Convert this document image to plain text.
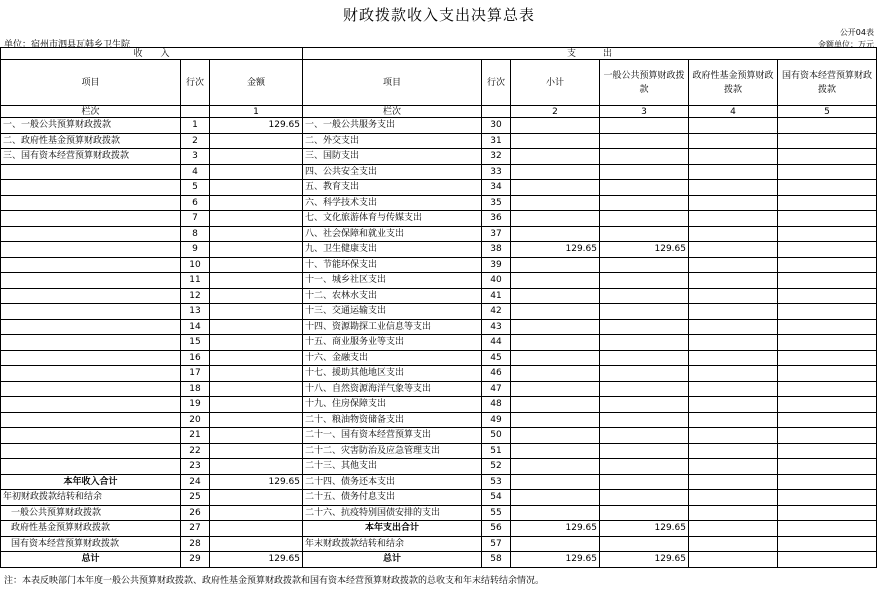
财政拨款收入支出决算总表
公开04表
单位：宿州市泗县瓦韩乡卫生院	金额单位：万元
收　　入			支　　　出					
项目	行次	金额	项目	行次	小计	一般公共预算财政拨款	政府性基金预算财政拨款	国有资本经营预算财政拨款
栏次		1	栏次		2	3	4	5
一、一般公共预算财政拨款	1	129.65	一、一般公共服务支出	30				
二、政府性基金预算财政拨款	2		二、外交支出	31				
三、国有资本经营预算财政拨款	3		三、国防支出	32				
	4		四、公共安全支出	33				
	5		五、教育支出	34				
	6		六、科学技术支出	35				
	7		七、文化旅游体育与传媒支出	36				
	8		八、社会保障和就业支出	37				
	9		九、卫生健康支出	38	129.65	129.65		
	10		十、节能环保支出	39				
	11		十一、城乡社区支出	40				
	12		十二、农林水支出	41				
	13		十三、交通运输支出	42				
	14		十四、资源勘探工业信息等支出	43				
	15		十五、商业服务业等支出	44				
	16		十六、金融支出	45				
	17		十七、援助其他地区支出	46				
	18		十八、自然资源海洋气象等支出	47				
	19		十九、住房保障支出	48				
	20		二十、粮油物资储备支出	49				
	21		二十一、国有资本经营预算支出	50				
	22		二十二、灾害防治及应急管理支出	51				
	23		二十三、其他支出	52				
本年收入合计	24	129.65	二十四、债务还本支出	53				
年初财政拨款结转和结余	25		二十五、债务付息支出	54				
一般公共预算财政拨款	26		二十六、抗疫特别国债安排的支出	55				
政府性基金预算财政拨款	27		本年支出合计	56	129.65	129.65		
国有资本经营预算财政拨款	28		年末财政拨款结转和结余	57				
总计	29	129.65	总计	58	129.65	129.65		
注：本表反映部门本年度一般公共预算财政拨款、政府性基金预算财政拨款和国有资本经营预算财政拨款的总收支和年末结转结余情况。
